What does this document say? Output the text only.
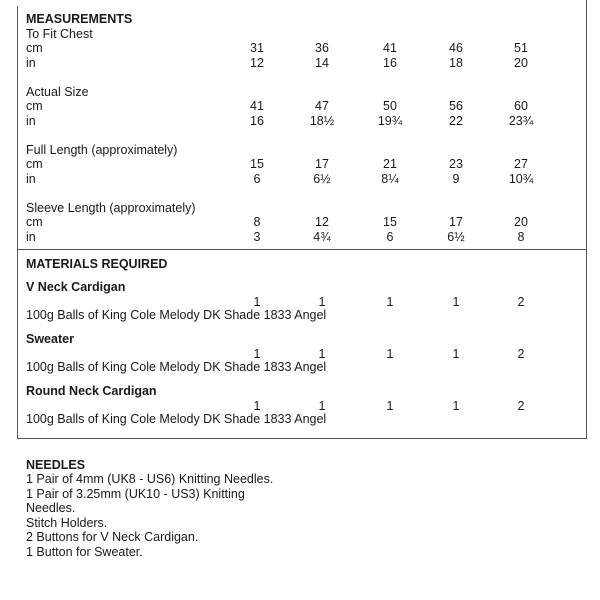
MEASUREMENTS
To Fit Chest
cm	31	36	41	46	51
in	12	14	16	18	20
Actual Size
cm	41	47	50	56	60
in	16	18½	19¾	22	23¾
Full Length (approximately)
cm	15	17	21	23	27
in	6	6½	8¼	9	10¾
Sleeve Length (approximately)
cm	8	12	15	17	20
in	3	4¾	6	6½	8
MATERIALS REQUIRED
V Neck Cardigan
1	1	1	1	2
100g Balls of King Cole Melody DK Shade 1833 Angel
Sweater
1	1	1	1	2
100g Balls of King Cole Melody DK Shade 1833 Angel
Round Neck Cardigan
1	1	1	1	2
100g Balls of King Cole Melody DK Shade 1833 Angel
NEEDLES
1 Pair of 4mm (UK8 - US6) Knitting Needles.
1 Pair of 3.25mm (UK10 - US3) Knitting
Needles.
Stitch Holders.
2 Buttons for V Neck Cardigan.
1 Button for Sweater.
